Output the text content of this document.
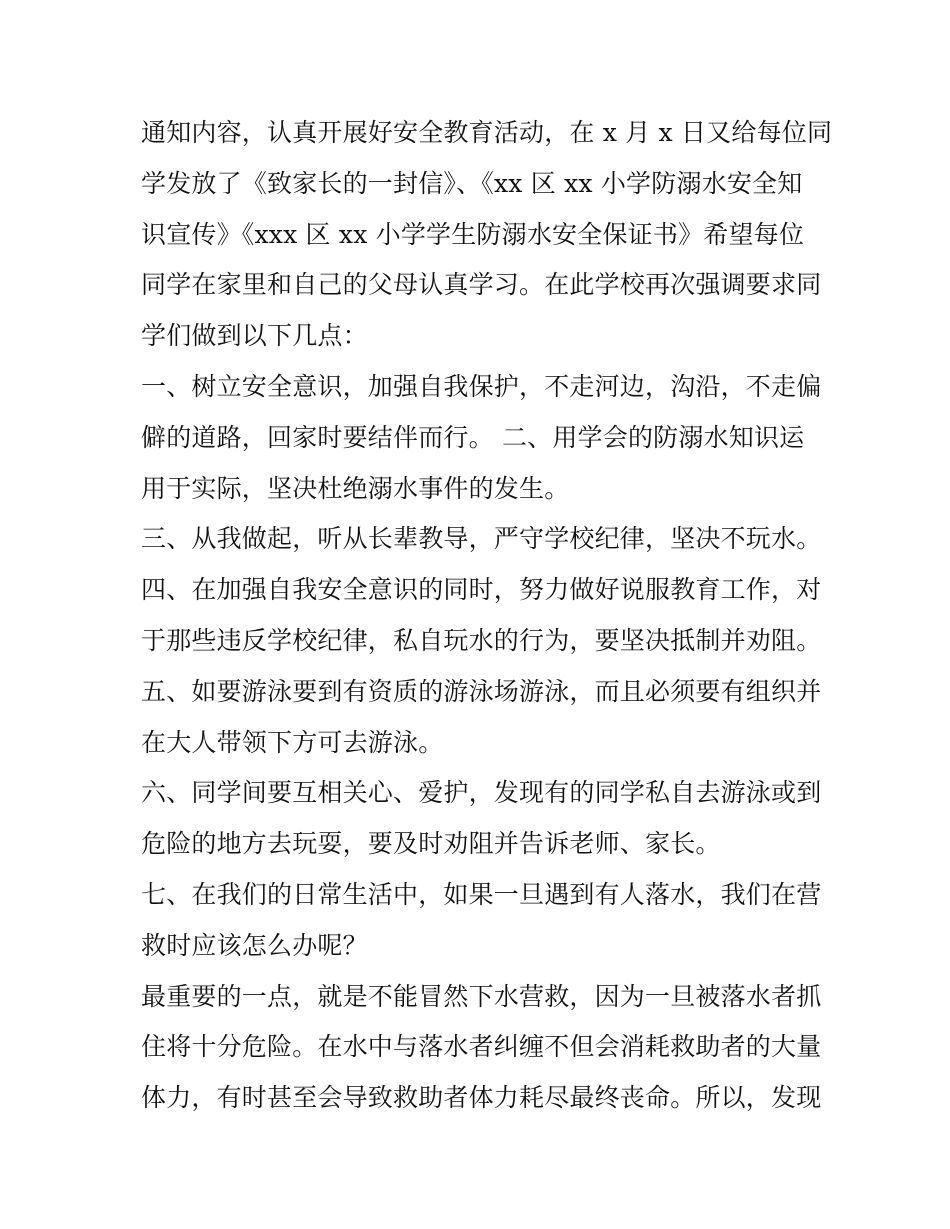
通知内容，认真开展好安全教育活动，在 x 月 x 日又给每位同
学发放了《致家长的一封信》、《xx 区 xx 小学防溺水安全知
识宣传》《xxx 区 xx 小学学生防溺水安全保证书》希望每位
同学在家里和自己的父母认真学习。在此学校再次强调要求同
学们做到以下几点：
一、树立安全意识，加强自我保护，不走河边，沟沿，不走偏
僻的道路，回家时要结伴而行。 二、用学会的防溺水知识运
用于实际，坚决杜绝溺水事件的发生。
三、从我做起，听从长辈教导，严守学校纪律，坚决不玩水。
四、在加强自我安全意识的同时，努力做好说服教育工作，对
于那些违反学校纪律，私自玩水的行为，要坚决抵制并劝阻。
五、如要游泳要到有资质的游泳场游泳，而且必须要有组织并
在大人带领下方可去游泳。
六、同学间要互相关心、爱护，发现有的同学私自去游泳或到
危险的地方去玩耍，要及时劝阻并告诉老师、家长。
七、在我们的日常生活中，如果一旦遇到有人落水，我们在营
救时应该怎么办呢？
最重要的一点，就是不能冒然下水营救，因为一旦被落水者抓
住将十分危险。在水中与落水者纠缠不但会消耗救助者的大量
体力，有时甚至会导致救助者体力耗尽最终丧命。所以，发现
